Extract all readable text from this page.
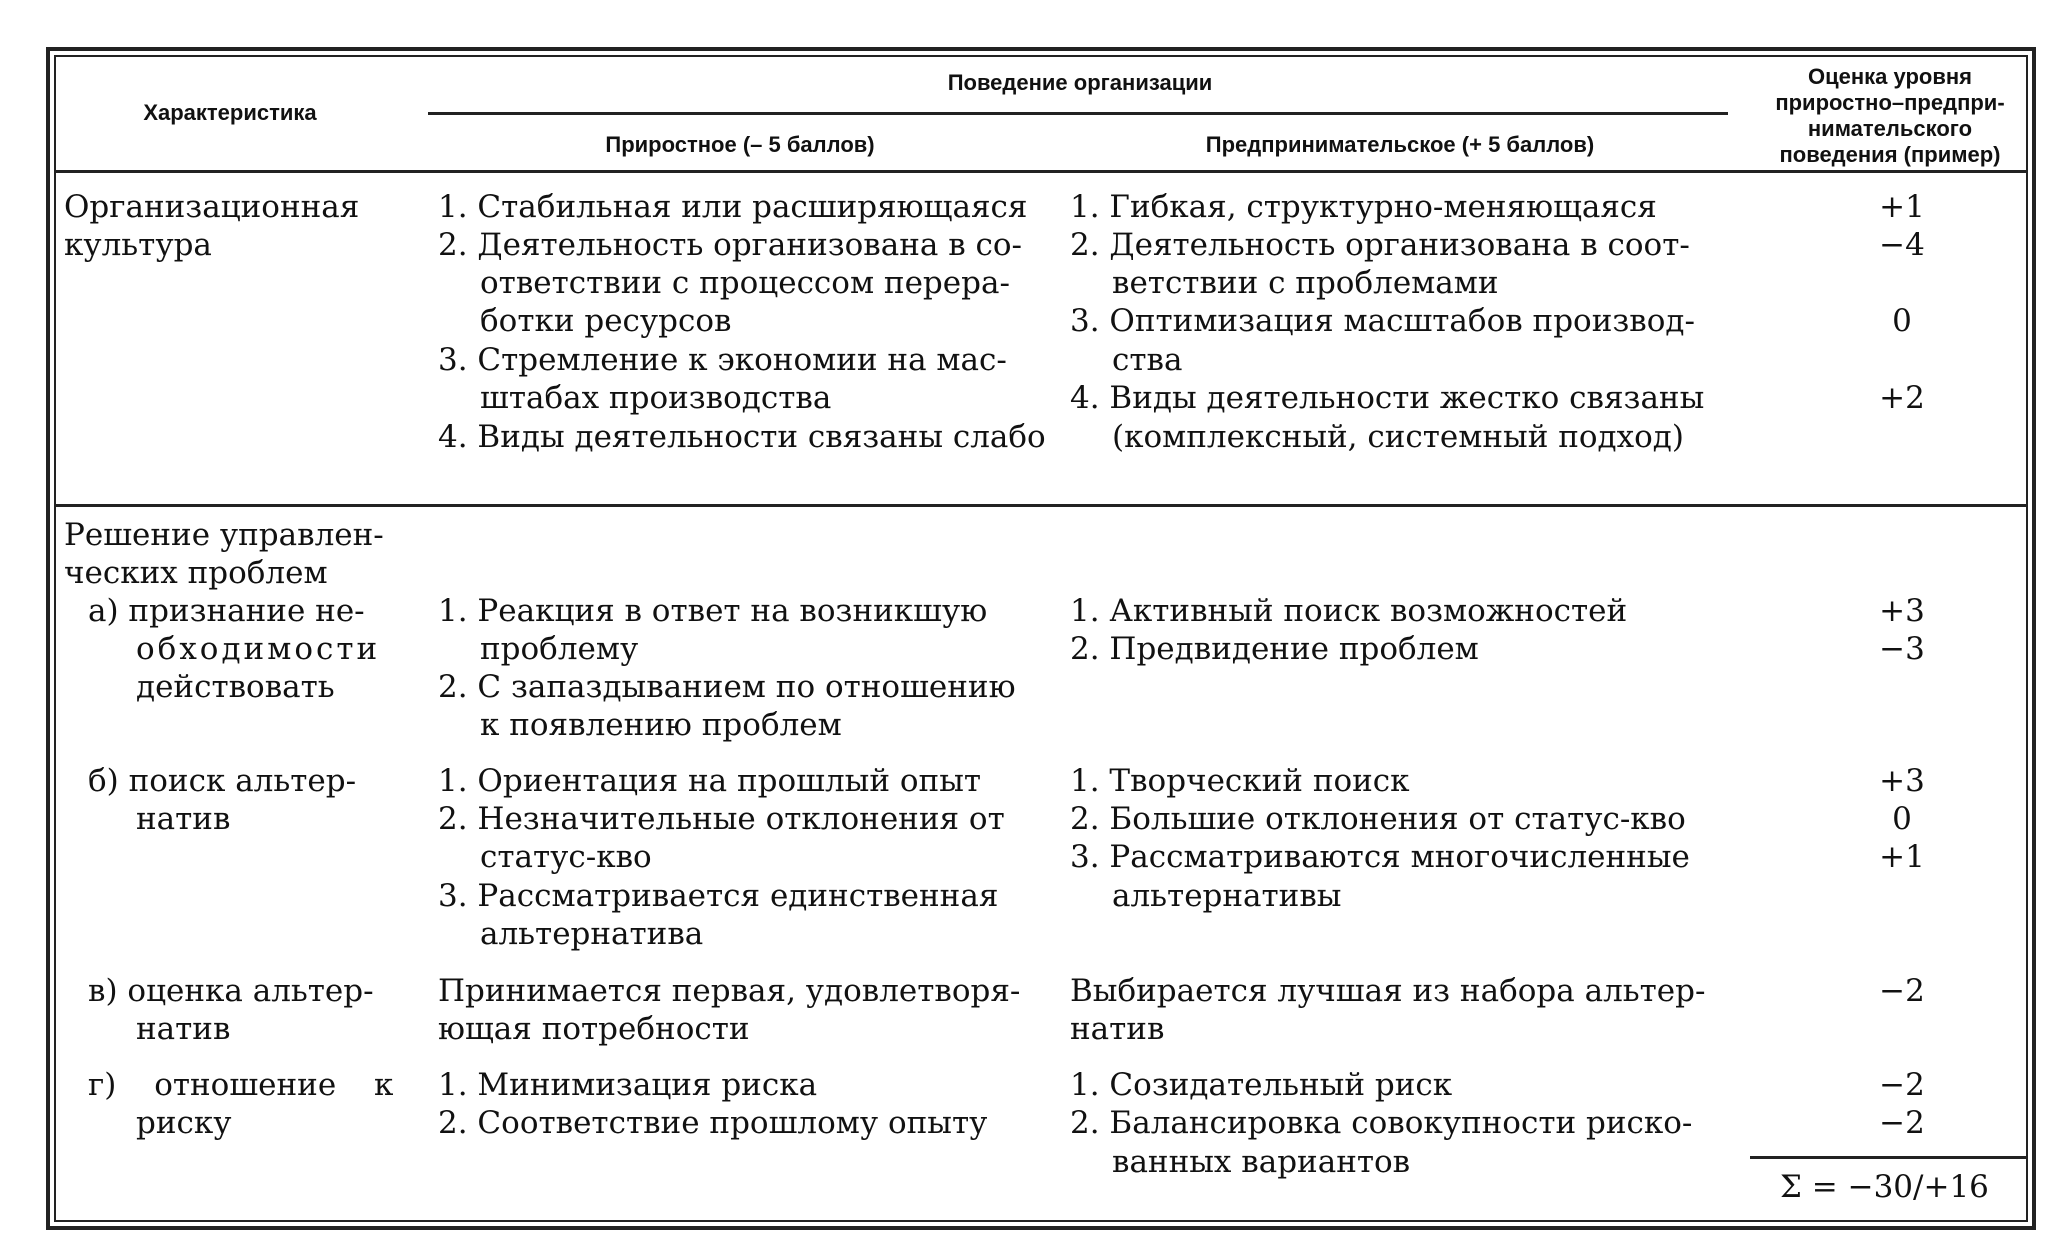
Характеристика
Поведение организации
Приростное (– 5 баллов)	Предпринимательское (+ 5 баллов)
Оценка уровня
приростно–предпри-
нимательского
поведения (пример)
Организационная
культура
1. Стабильная или расширяющаяся
2. Деятельность организована в со-
ответствии с процессом перера-
ботки ресурсов
3. Стремление к экономии на мас-
штабах производства
4. Виды деятельности связаны слабо
1. Гибкая, структурно-меняющаяся
2. Деятельность организована в соот-
ветствии с проблемами
3. Оптимизация масштабов производ-
ства
4. Виды деятельности жестко связаны
(комплексный, системный подход)
+1
−4
0
+2
Решение управлен-
ческих проблем
а) признание не-
обходимости
действовать
1. Реакция в ответ на возникшую
проблему
2. С запаздыванием по отношению
к появлению проблем
1. Активный поиск возможностей
2. Предвидение проблем
+3
−3
б) поиск альтер-
натив
1. Ориентация на прошлый опыт
2. Незначительные отклонения от
статус-кво
3. Рассматривается единственная
альтернатива
1. Творческий поиск
2. Большие отклонения от статус-кво
3. Рассматриваются многочисленные
альтернативы
+3
0
+1
в) оценка альтер-
натив
Принимается первая, удовлетворя-
ющая потребности
Выбирается лучшая из набора альтер-
натив
−2
г) отношение к
риску
1. Минимизация риска
2. Соответствие прошлому опыту
1. Созидательный риск
2. Балансировка совокупности риско-
ванных вариантов
−2
−2
Σ = −30/+16
